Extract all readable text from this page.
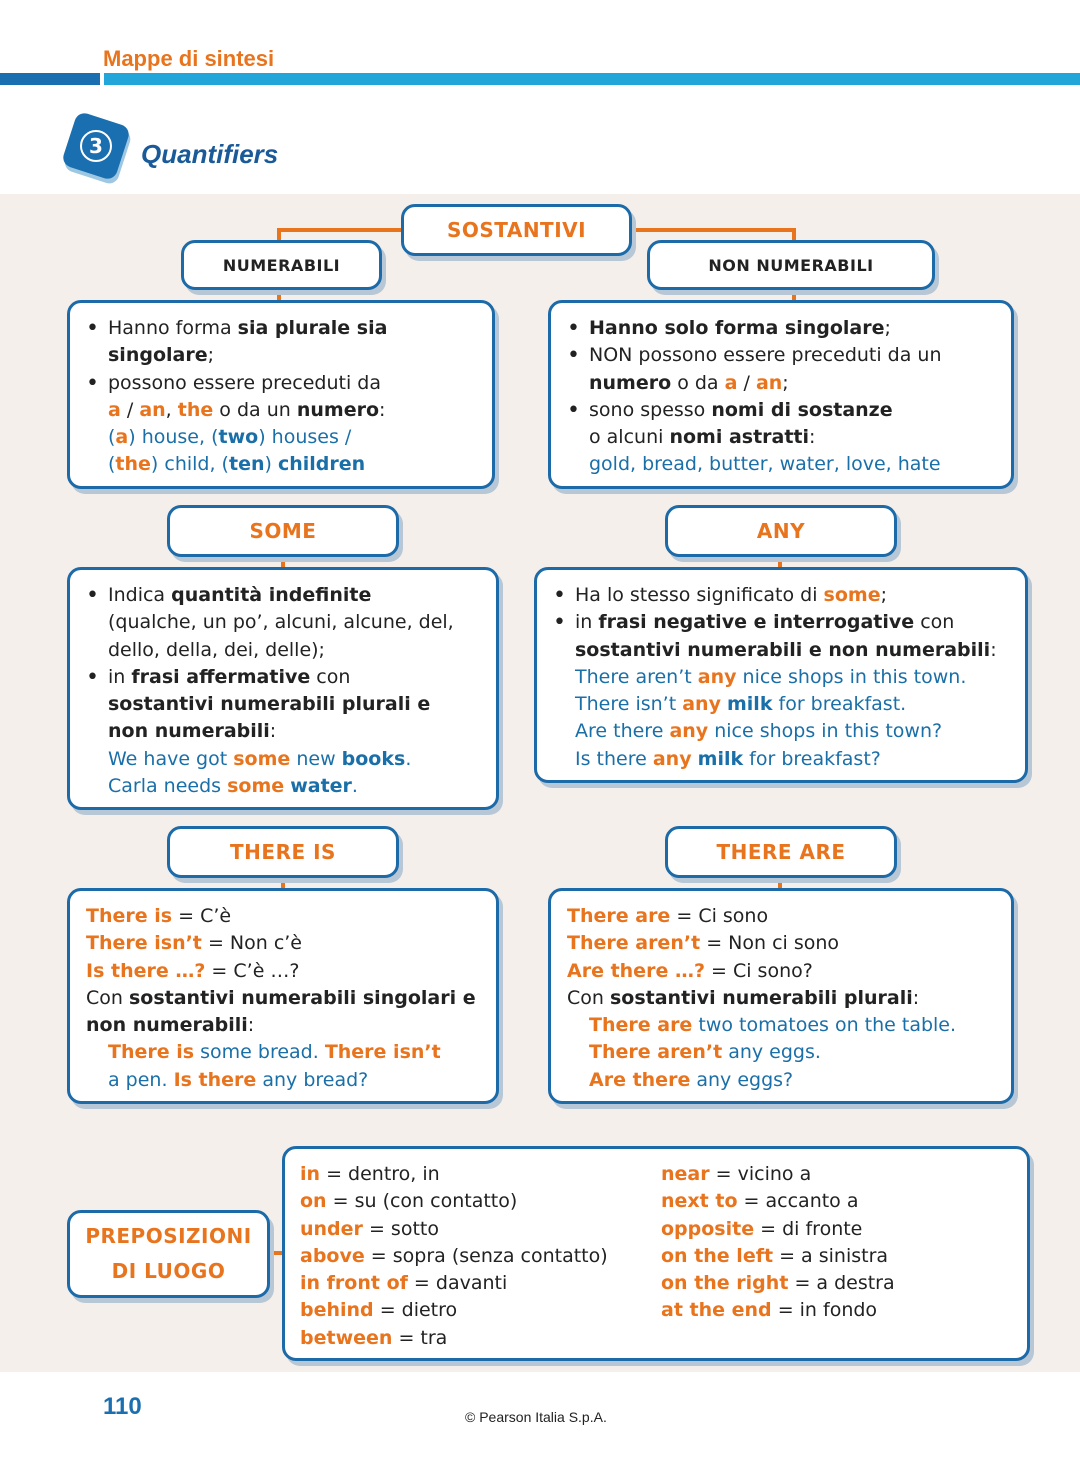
Mappe di sintesi
3	Quantifiers
SOSTANTIVI
NUMERABILI	NON NUMERABILI
• Hanno forma sia plurale sia
singolare;
• possono essere preceduti da
a / an, the o da un numero:
(a) house, (two) houses /
(the) child, (ten) children
• Hanno solo forma singolare;
• NON possono essere preceduti da un
numero o da a / an;
• sono spesso nomi di sostanze
o alcuni nomi astratti:
gold, bread, butter, water, love, hate
SOME	ANY
• Indica quantità indefinite
(qualche, un po’, alcuni, alcune, del,
dello, della, dei, delle);
• in frasi affermative con
sostantivi numerabili plurali e
non numerabili:
We have got some new books.
Carla needs some water.
• Ha lo stesso significato di some;
• in frasi negative e interrogative con
sostantivi numerabili e non numerabili:
There aren’t any nice shops in this town.
There isn’t any milk for breakfast.
Are there any nice shops in this town?
Is there any milk for breakfast?
THERE IS	THERE ARE
There is = C’è
There isn’t = Non c’è
Is there …? = C’è …?
Con sostantivi numerabili singolari e
non numerabili:
There is some bread. There isn’t
a pen. Is there any bread?
There are = Ci sono
There aren’t = Non ci sono
Are there …? = Ci sono?
Con sostantivi numerabili plurali:
There are two tomatoes on the table.
There aren’t any eggs.
Are there any eggs?
PREPOSIZIONI
DI LUOGO
in = dentro, in
on = su (con contatto)
under = sotto
above = sopra (senza contatto)
in front of = davanti
behind = dietro
between = tra
near = vicino a
next to = accanto a
opposite = di fronte
on the left = a sinistra
on the right = a destra
at the end = in fondo
110	© Pearson Italia S.p.A.
